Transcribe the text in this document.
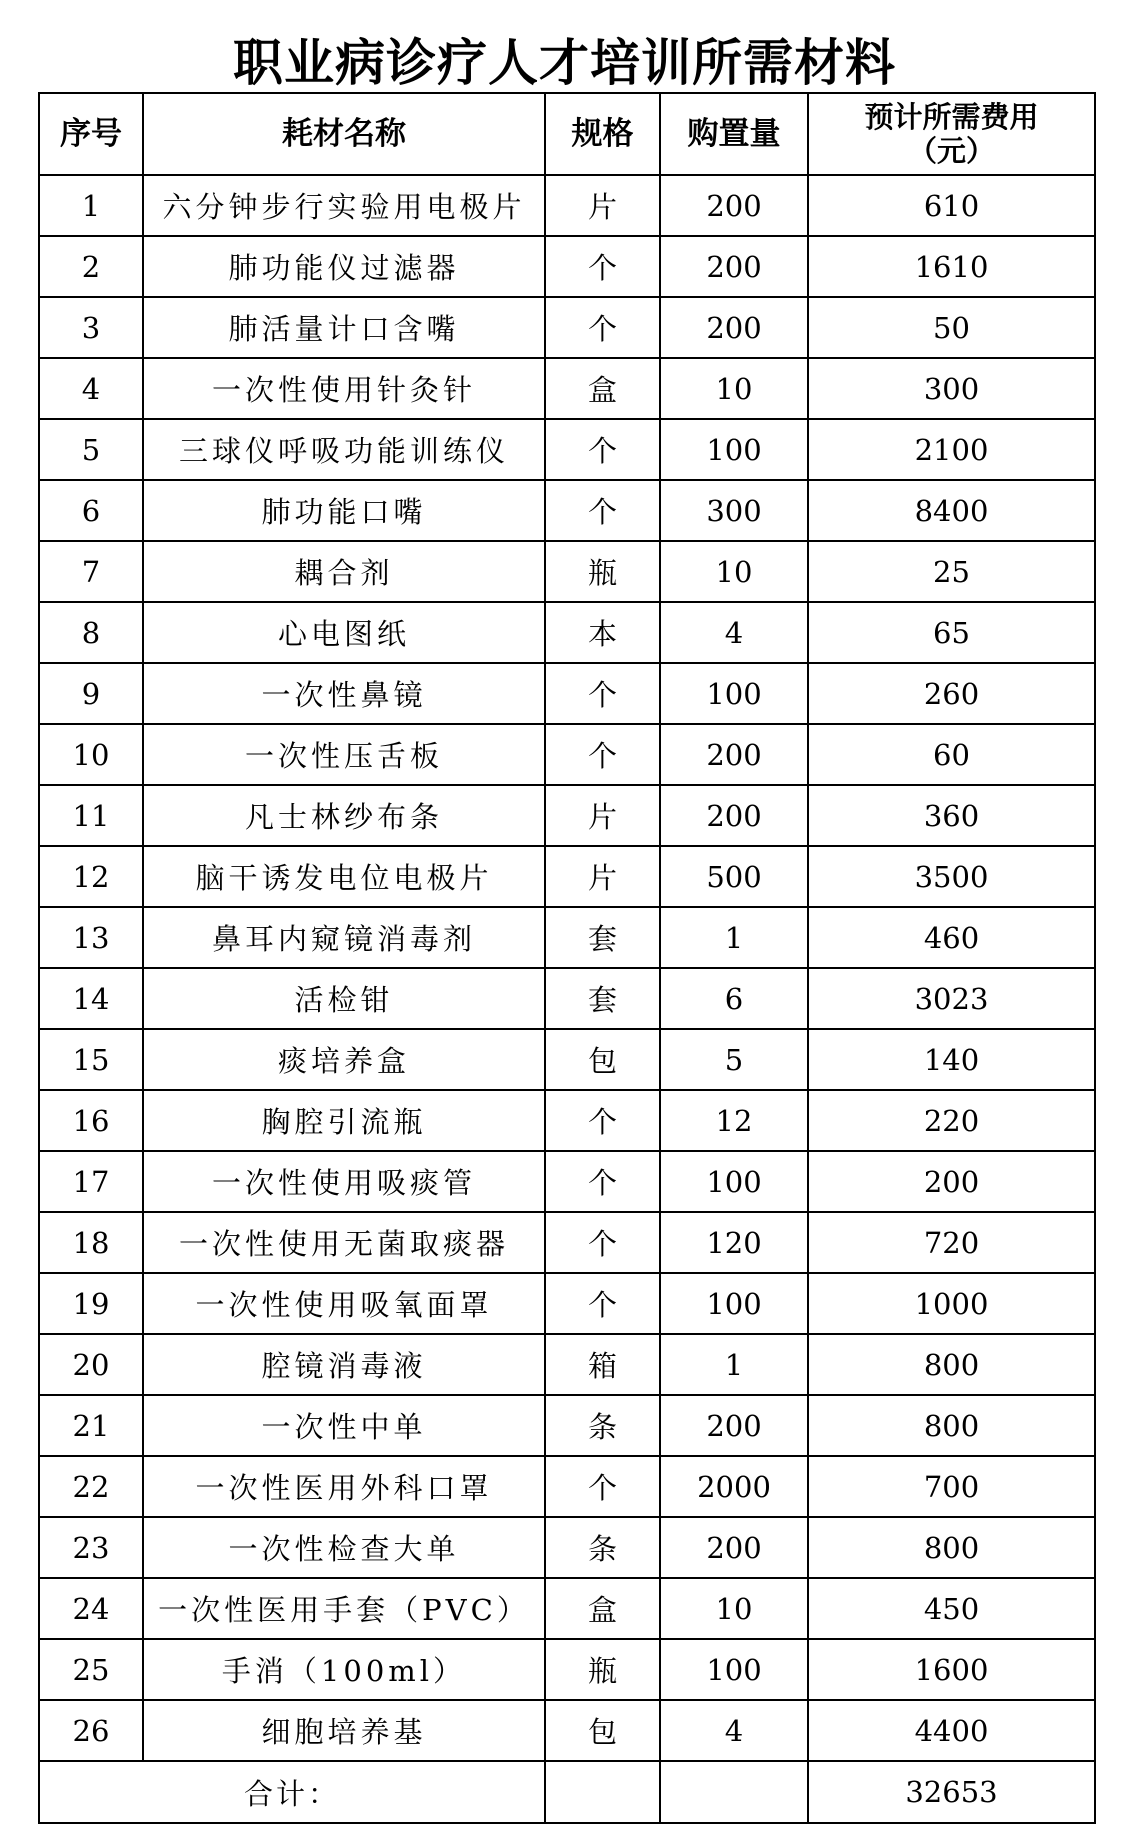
职业病诊疗人才培训所需材料
序号	耗材名称	规格	购置量	预计所需费用
（元）
1	六分钟步行实验用电极片	片	200	610
2	肺功能仪过滤器	个	200	1610
3	肺活量计口含嘴	个	200	50
4	一次性使用针灸针	盒	10	300
5	三球仪呼吸功能训练仪	个	100	2100
6	肺功能口嘴	个	300	8400
7	耦合剂	瓶	10	25
8	心电图纸	本	4	65
9	一次性鼻镜	个	100	260
10	一次性压舌板	个	200	60
11	凡士林纱布条	片	200	360
12	脑干诱发电位电极片	片	500	3500
13	鼻耳内窥镜消毒剂	套	1	460
14	活检钳	套	6	3023
15	痰培养盒	包	5	140
16	胸腔引流瓶	个	12	220
17	一次性使用吸痰管	个	100	200
18	一次性使用无菌取痰器	个	120	720
19	一次性使用吸氧面罩	个	100	1000
20	腔镜消毒液	箱	1	800
21	一次性中单	条	200	800
22	一次性医用外科口罩	个	2000	700
23	一次性检查大单	条	200	800
24	一次性医用手套（PVC）	盒	10	450
25	手消（100ml）	瓶	100	1600
26	细胞培养基	包	4	4400
合计：				32653
